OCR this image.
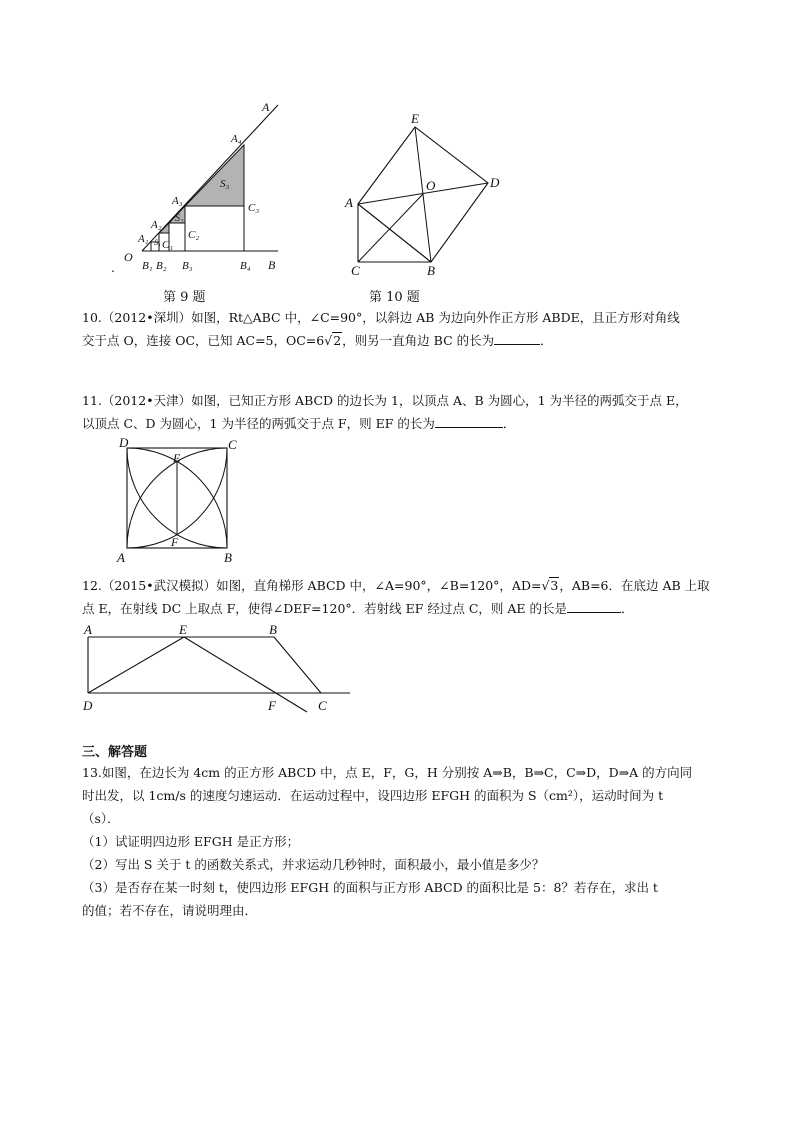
A
A₄
A₃
A₂
A₁
S₃
S₂
S₁
C₃
C₂
C₁
O
B₁ B₂ B₃	B₄ B
.
第 9 题
E
D
O
A
C	B
第 10 题
10.（2012•深圳）如图，Rt△ABC 中，∠C=90°，以斜边 AB 为边向外作正方形 ABDE，且正方形对角线
交于点 O，连接 OC，已知 AC=5，OC=6√2，则另一直角边 BC 的长为	．
11.（2012•天津）如图，已知正方形 ABCD 的边长为 1，以顶点 A、B 为圆心，1 为半径的两弧交于点 E，
以顶点 C、D 为圆心，1 为半径的两弧交于点 F，则 EF 的长为	．
D
E
C
A
F
B
12.（2015•武汉模拟）如图，直角梯形 ABCD 中，∠A=90°，∠B=120°，AD=√3，AB=6．在底边 AB 上取
点 E，在射线 DC 上取点 F，使得∠DEF=120°．若射线 EF 经过点 C，则 AE 的长是	．
A	E	B
D	F	C
三、解答题
13.如图，在边长为 4cm 的正方形 ABCD 中，点 E，F，G，H 分别按 A⇒B，B⇒C，C⇒D，D⇒A 的方向同
时出发，以 1cm/s 的速度匀速运动．在运动过程中，设四边形 EFGH 的面积为 S（cm²），运动时间为 t
（s）．
（1）试证明四边形 EFGH 是正方形；
（2）写出 S 关于 t 的函数关系式，并求运动几秒钟时，面积最小，最小值是多少？
（3）是否存在某一时刻 t，使四边形 EFGH 的面积与正方形 ABCD 的面积比是 5：8？若存在，求出 t
的值；若不存在，请说明理由．
